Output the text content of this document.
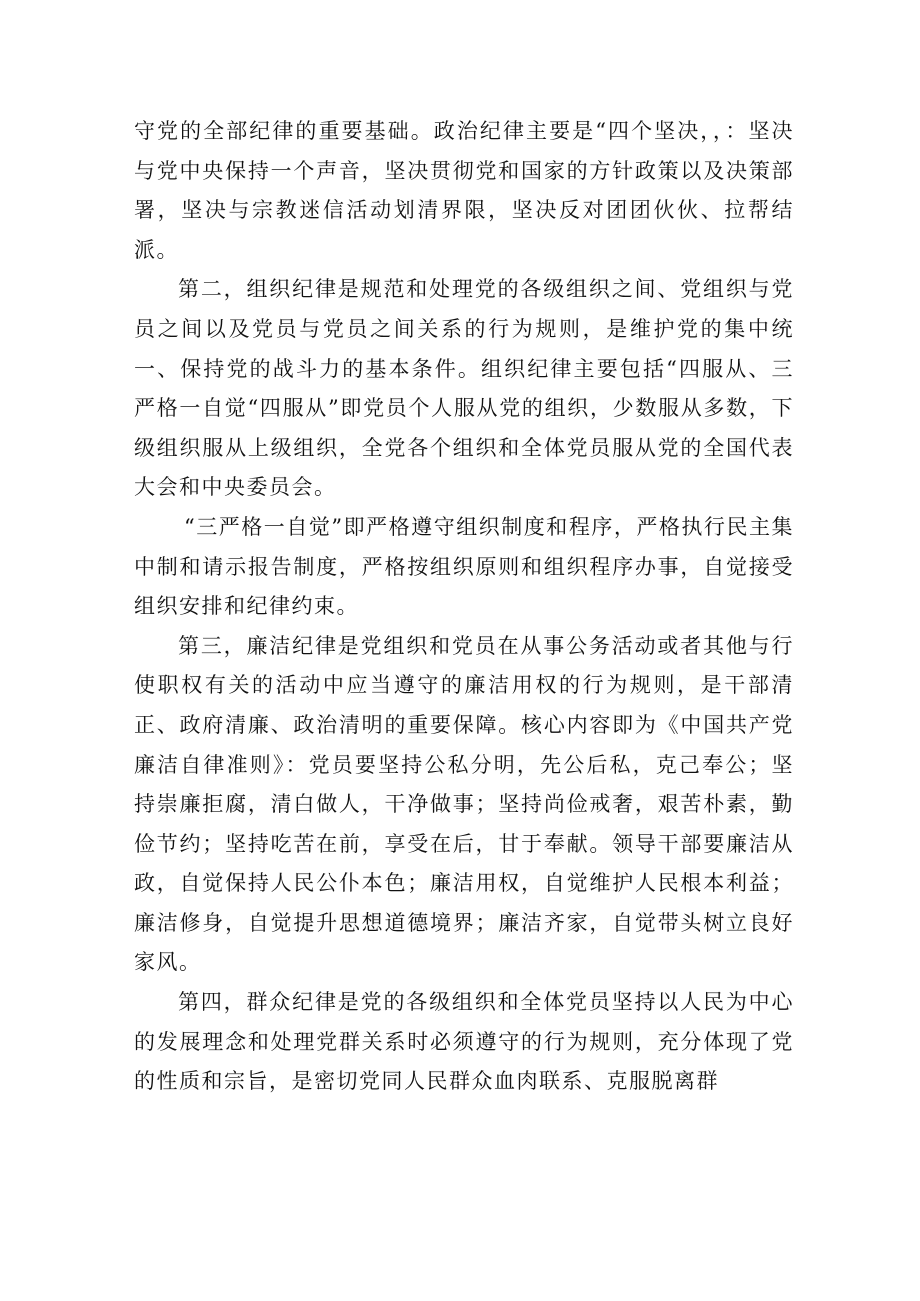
守党的全部纪律的重要基础。政治纪律主要是“四个坚决，，：坚决与党中央保持一个声音，坚决贯彻党和国家的方针政策以及决策部署，坚决与宗教迷信活动划清界限，坚决反对团团伙伙、拉帮结派。

第二，组织纪律是规范和处理党的各级组织之间、党组织与党员之间以及党员与党员之间关系的行为规则，是维护党的集中统一、保持党的战斗力的基本条件。组织纪律主要包括“四服从、三严格一自觉“四服从”即党员个人服从党的组织，少数服从多数，下级组织服从上级组织，全党各个组织和全体党员服从党的全国代表大会和中央委员会。

“三严格一自觉”即严格遵守组织制度和程序，严格执行民主集中制和请示报告制度，严格按组织原则和组织程序办事，自觉接受组织安排和纪律约束。

第三，廉洁纪律是党组织和党员在从事公务活动或者其他与行使职权有关的活动中应当遵守的廉洁用权的行为规则，是干部清正、政府清廉、政治清明的重要保障。核心内容即为《中国共产党廉洁自律准则》：党员要坚持公私分明，先公后私，克己奉公；坚持崇廉拒腐，清白做人，干净做事；坚持尚俭戒奢，艰苦朴素，勤俭节约；坚持吃苦在前，享受在后，甘于奉献。领导干部要廉洁从政，自觉保持人民公仆本色；廉洁用权，自觉维护人民根本利益；廉洁修身，自觉提升思想道德境界；廉洁齐家，自觉带头树立良好家风。

第四，群众纪律是党的各级组织和全体党员坚持以人民为中心的发展理念和处理党群关系时必须遵守的行为规则，充分体现了党的性质和宗旨，是密切党同人民群众血肉联系、克服脱离群
